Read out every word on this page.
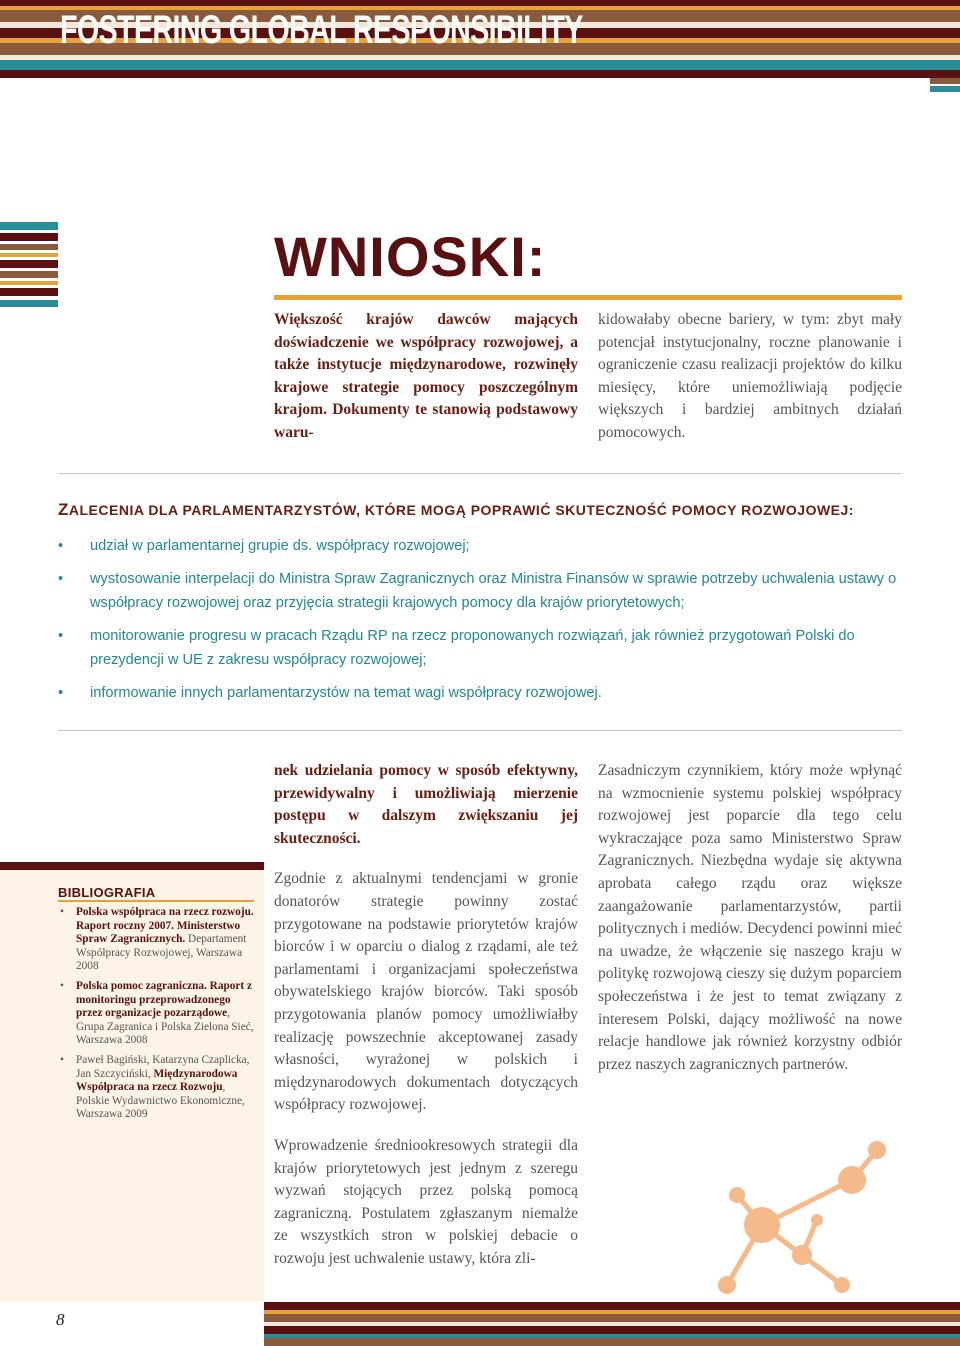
FOSTERING GLOBAL RESPONSIBILITY
WNIOSKI:
Większość krajów dawców mających doświadczenie we współpracy rozwojowej, a także instytucje międzynarodowe, rozwinęły krajowe strategie pomocy poszczególnym krajom. Dokumenty te stanowią podstawowy waru-
kidowałaby obecne bariery, w tym: zbyt mały potencjał instytucjonalny, roczne planowanie i ograniczenie czasu realizacji projektów do kilku miesięcy, które uniemożliwiają podjęcie większych i bardziej ambitnych działań pomocowych.
ZALECENIA DLA PARLAMENTARZYSTÓW, KTÓRE MOGĄ POPRAWIĆ SKUTECZNOŚĆ POMOCY ROZWOJOWEJ:
• udział w parlamentarnej grupie ds. współpracy rozwojowej;
• wystosowanie interpelacji do Ministra Spraw Zagranicznych oraz Ministra Finansów w sprawie potrzeby uchwalenia ustawy o współpracy rozwojowej oraz przyjęcia strategii krajowych pomocy dla krajów priorytetowych;
• monitorowanie progresu w pracach Rządu RP na rzecz proponowanych rozwiązań, jak również przygotowań Polski do prezydencji w UE z zakresu współpracy rozwojowej;
• informowanie innych parlamentarzystów na temat wagi współpracy rozwojowej.

nek udzielania pomocy w sposób efektywny, przewidywalny i umożliwiają mierzenie postępu w dalszym zwiększaniu jej skuteczności.

Zgodnie z aktualnymi tendencjami w gronie donatorów strategie powinny zostać przygotowane na podstawie priorytetów krajów biorców i w oparciu o dialog z rządami, ale też parlamentami i organizacjami społeczeństwa obywatelskiego krajów biorców. Taki sposób przygotowania planów pomocy umożliwiałby realizację powszechnie akceptowanej zasady własności, wyrażonej w polskich i międzynarodowych dokumentach dotyczących współpracy rozwojowej.

Wprowadzenie średniookresowych strategii dla krajów priorytetowych jest jednym z szeregu wyzwań stojących przez polską pomocą zagraniczną. Postulatem zgłaszanym niemalże ze wszystkich stron w polskiej debacie o rozwoju jest uchwalenie ustawy, która zli-

Zasadniczym czynnikiem, który może wpłynąć na wzmocnienie systemu polskiej współpracy rozwojowej jest poparcie dla tego celu wykraczające poza samo Ministerstwo Spraw Zagranicznych. Niezbędna wydaje się aktywna aprobata całego rządu oraz większe zaangażowanie parlamentarzystów, partii politycznych i mediów. Decydenci powinni mieć na uwadze, że włączenie się naszego kraju w politykę rozwojową cieszy się dużym poparciem społeczeństwa i że jest to temat związany z interesem Polski, dający możliwość na nowe relacje handlowe jak również korzystny odbiór przez naszych zagranicznych partnerów.

BIBLIOGRAFIA
• Polska współpraca na rzecz rozwoju. Raport roczny 2007. Ministerstwo Spraw Zagranicznych. Departament Współpracy Rozwojowej, Warszawa 2008
• Polska pomoc zagraniczna. Raport z monitoringu przeprowadzonego przez organizacje pozarządowe, Grupa Zagranica i Polska Zielona Sieć, Warszawa 2008
• Paweł Bagiński, Katarzyna Czaplicka, Jan Szczyciński, Międzynarodowa Współpraca na rzecz Rozwoju, Polskie Wydawnictwo Ekonomiczne, Warszawa 2009
8
